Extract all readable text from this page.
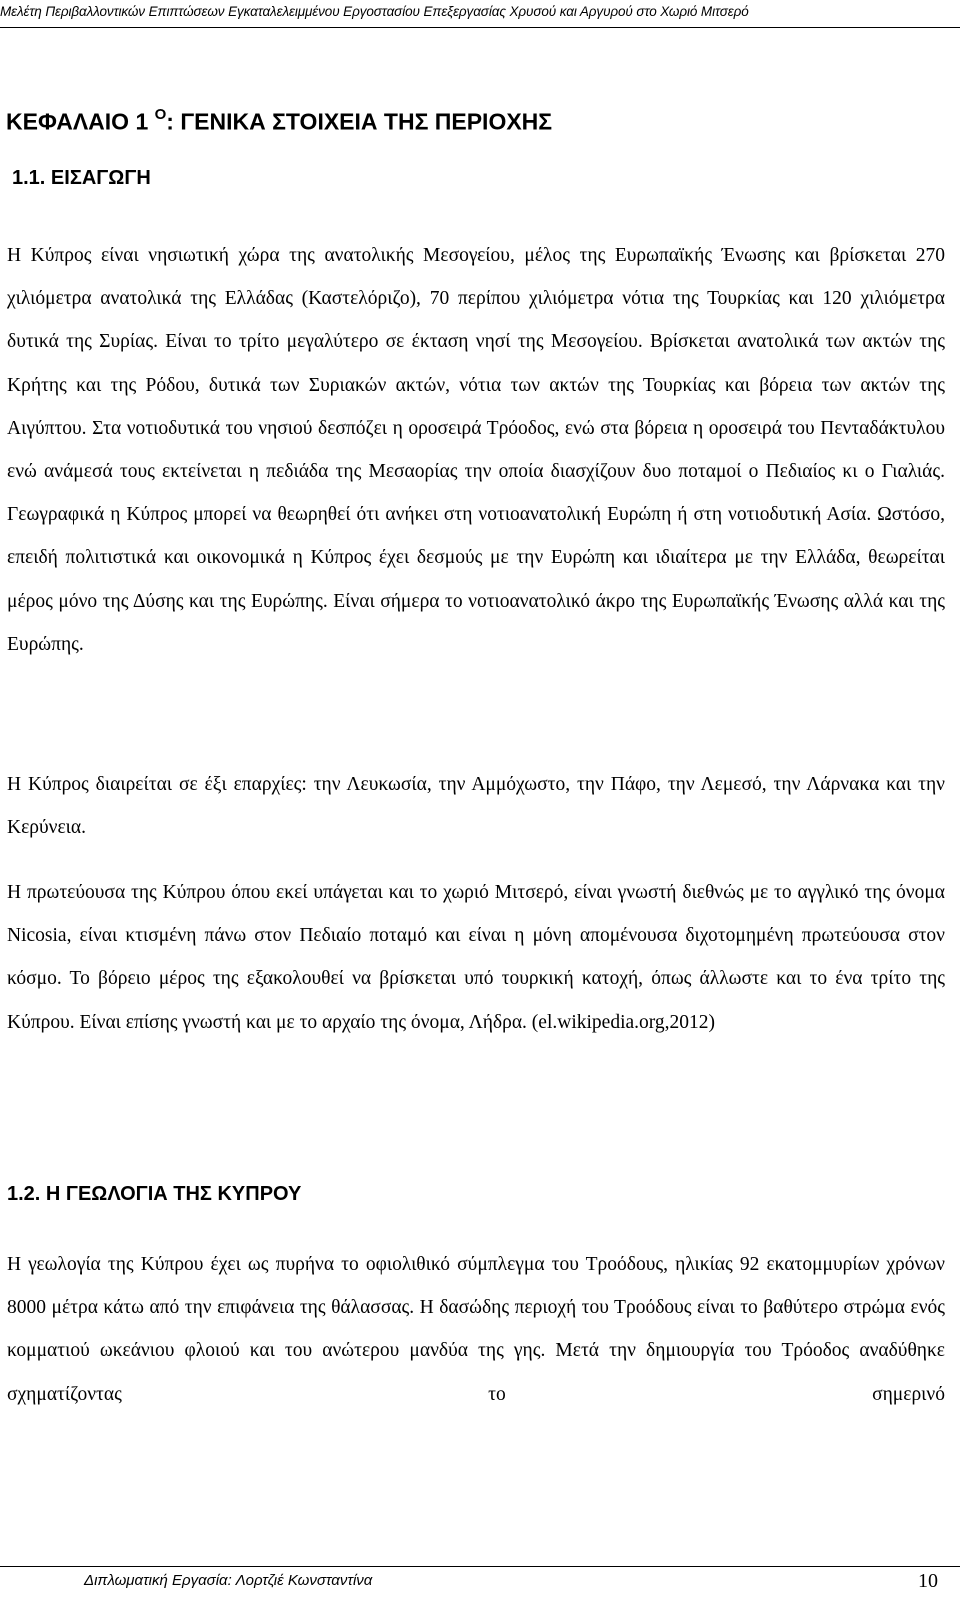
Μελέτη Περιβαλλοντικών Επιπτώσεων Εγκαταλελειμμένου Εργοστασίου Επεξεργασίας Χρυσού και Αργυρού στο Χωριό Μιτσερό
ΚΕΦΑΛΑΙΟ 1 $^O$: ΓΕΝΙΚΑ ΣΤΟΙΧΕΙΑ ΤΗΣ ΠΕΡΙΟΧΗΣ
1.1. ΕΙΣΑΓΩΓΗ

Η Κύπρος είναι νησιωτική χώρα της ανατολικής Μεσογείου, μέλος της Ευρωπαϊκής Ένωσης και βρίσκεται 270 χιλιόμετρα ανατολικά της Ελλάδας (Καστελόριζο), 70 περίπου χιλιόμετρα νότια της Τουρκίας και 120 χιλιόμετρα δυτικά της Συρίας. Είναι το τρίτο μεγαλύτερο σε έκταση νησί της Μεσογείου. Βρίσκεται ανατολικά των ακτών της Κρήτης και της Ρόδου, δυτικά των Συριακών ακτών, νότια των ακτών της Τουρκίας και βόρεια των ακτών της Αιγύπτου. Στα νοτιοδυτικά του νησιού δεσπόζει η οροσειρά Τρόοδος, ενώ στα βόρεια η οροσειρά του Πενταδάκτυλου ενώ ανάμεσά τους εκτείνεται η πεδιάδα της Μεσαορίας την οποία διασχίζουν δυο ποταμοί ο Πεδιαίος κι ο Γιαλιάς. Γεωγραφικά η Κύπρος μπορεί να θεωρηθεί ότι ανήκει στη νοτιοανατολική Ευρώπη ή στη νοτιοδυτική Ασία. Ωστόσο, επειδή πολιτιστικά και οικονομικά η Κύπρος έχει δεσμούς με την Ευρώπη και ιδιαίτερα με την Ελλάδα, θεωρείται μέρος μόνο της Δύσης και της Ευρώπης. Είναι σήμερα το νοτιοανατολικό άκρο της Ευρωπαϊκής Ένωσης αλλά και της Ευρώπης.

Η Κύπρος διαιρείται σε έξι επαρχίες: την Λευκωσία, την Αμμόχωστο, την Πάφο, την Λεμεσό, την Λάρνακα και την Κερύνεια.

Η πρωτεύουσα της Κύπρου όπου εκεί υπάγεται και το χωριό Μιτσερό, είναι γνωστή διεθνώς με το αγγλικό της όνομα Nicosia, είναι κτισμένη πάνω στον Πεδιαίο ποταμό και είναι η μόνη απομένουσα διχοτομημένη πρωτεύουσα στον κόσμο. Το βόρειο μέρος της εξακολουθεί να βρίσκεται υπό τουρκική κατοχή, όπως άλλωστε και το ένα τρίτο της Κύπρου. Είναι επίσης γνωστή και με το αρχαίο της όνομα, Λήδρα. (el.wikipedia.org,2012)

1.2. Η ΓΕΩΛΟΓΙΑ ΤΗΣ ΚΥΠΡΟΥ

Η γεωλογία της Κύπρου έχει ως πυρήνα το οφιολιθικό σύμπλεγμα του Τροόδους, ηλικίας 92 εκατομμυρίων χρόνων 8000 μέτρα κάτω από την επιφάνεια της θάλασσας. Η δασώδης περιοχή του Τροόδους είναι το βαθύτερο στρώμα ενός κομματιού ωκεάνιου φλοιού και του ανώτερου μανδύα της γης. Μετά την δημιουργία του Τρόοδος αναδύθηκε σχηματίζοντας το σημερινό

Διπλωματική Εργασία: Λορτζιέ Κωνσταντίνα	10
